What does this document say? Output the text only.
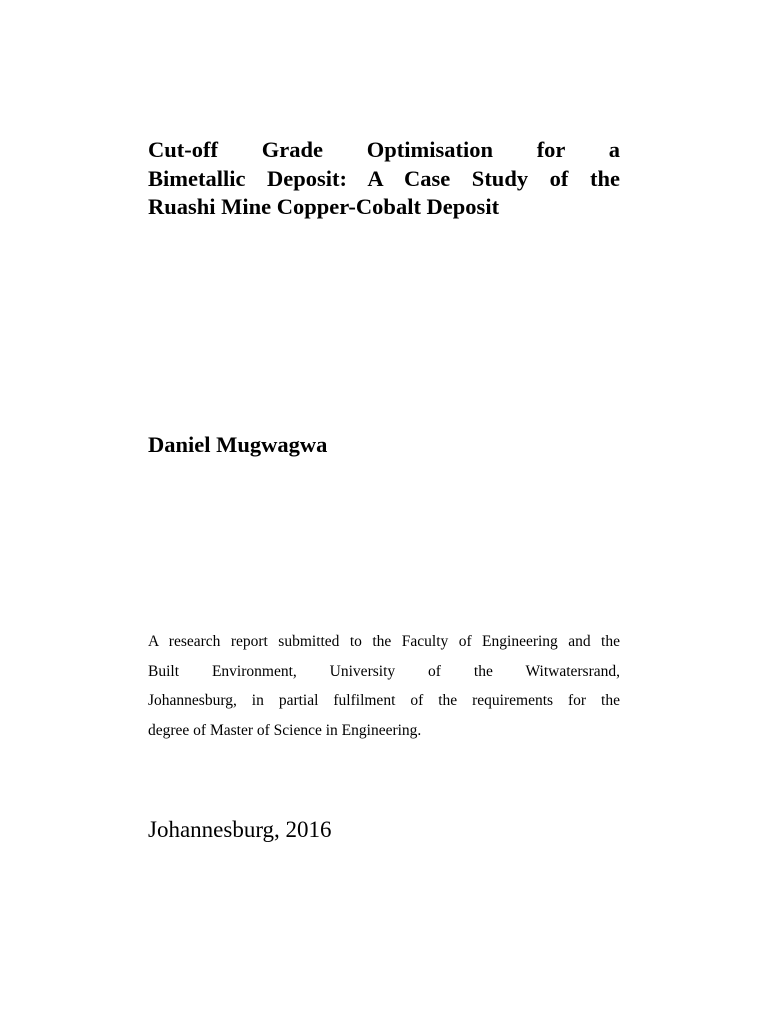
Cut-off Grade Optimisation for a
Bimetallic Deposit: A Case Study of the
Ruashi Mine Copper-Cobalt Deposit
Daniel Mugwagwa

A research report submitted to the Faculty of Engineering and the
Built Environment, University of the Witwatersrand,
Johannesburg, in partial fulfilment of the requirements for the
degree of Master of Science in Engineering.

Johannesburg, 2016
